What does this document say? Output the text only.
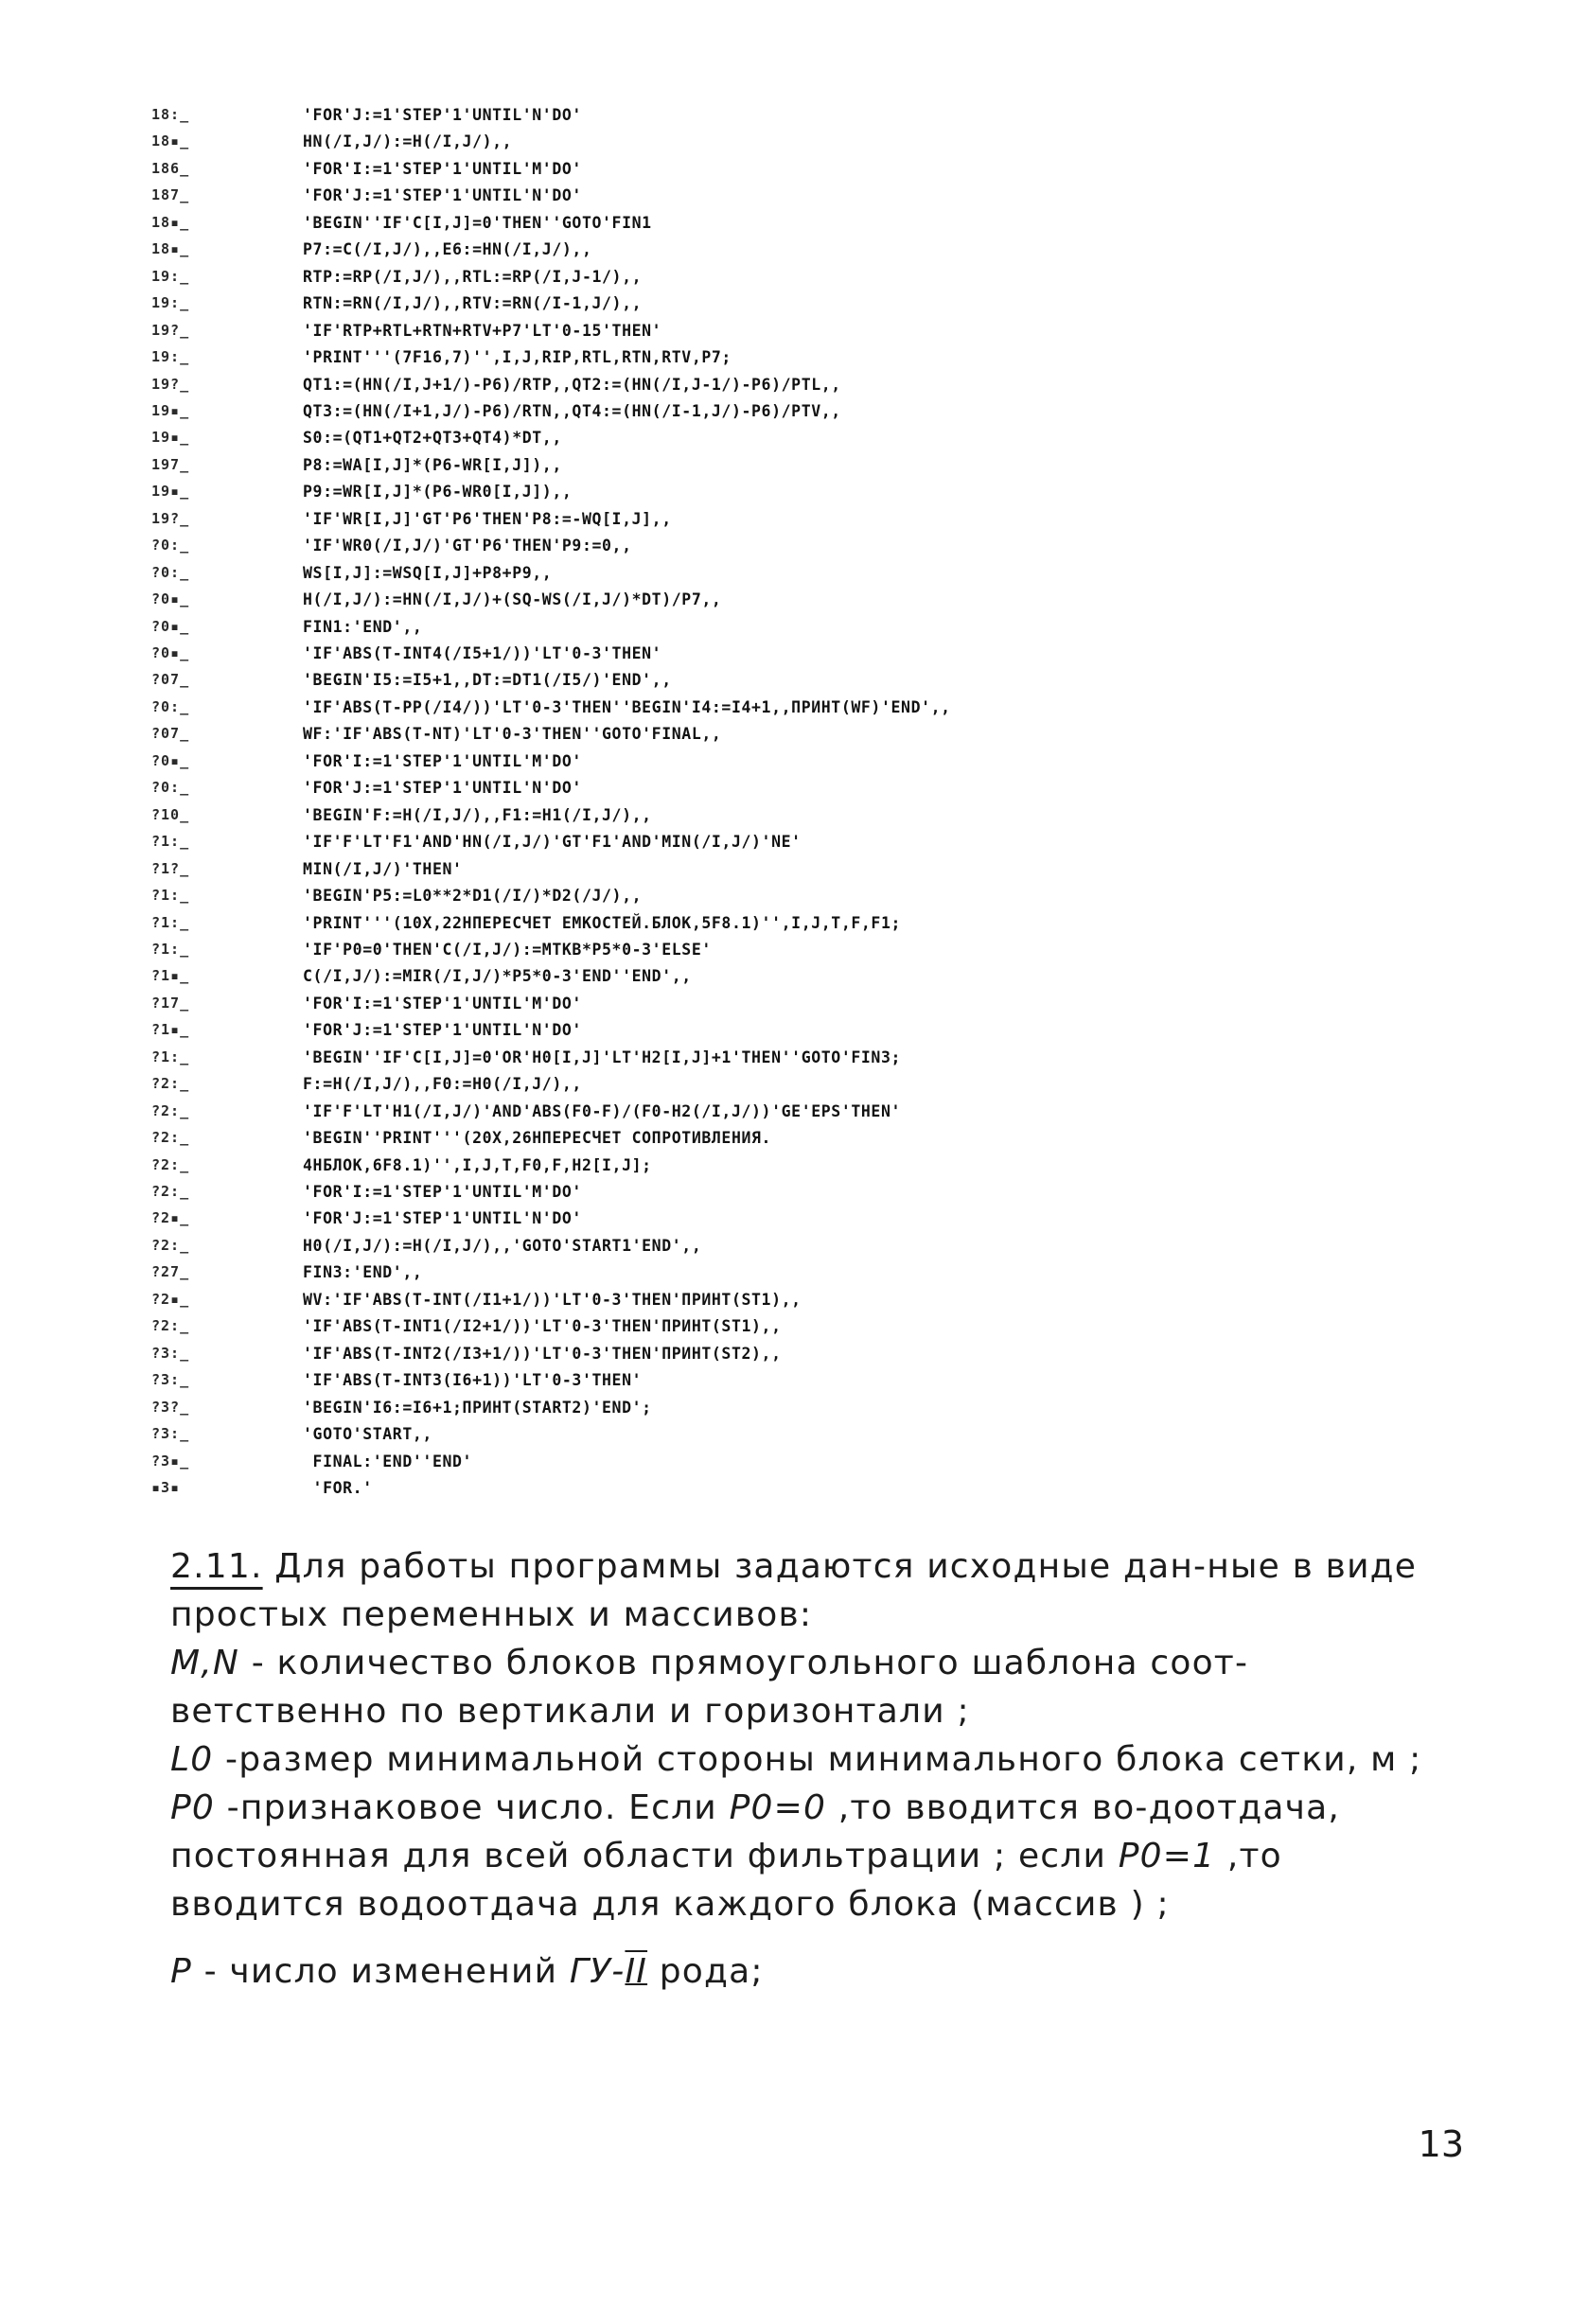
18:_	'FOR'J:=1'STEP'1'UNTIL'N'DO'
18▪_	HN(/I,J/):=H(/I,J/),,
186_	'FOR'I:=1'STEP'1'UNTIL'M'DO'
187_	'FOR'J:=1'STEP'1'UNTIL'N'DO'
18▪_	'BEGIN''IF'C[I,J]=0'THEN''GOTO'FIN1
18▪_	P7:=C(/I,J/),,E6:=HN(/I,J/),,
19:_	RTP:=RP(/I,J/),,RTL:=RP(/I,J-1/),,
19:_	RTN:=RN(/I,J/),,RTV:=RN(/I-1,J/),,
19?_	'IF'RTP+RTL+RTN+RTV+P7'LT'0-15'THEN'
19:_	'PRINT'''(7F16,7)'',I,J,RIP,RTL,RTN,RTV,P7;
19?_	QT1:=(HN(/I,J+1/)-P6)/RTP,,QT2:=(HN(/I,J-1/)-P6)/PTL,,
19▪_	QT3:=(HN(/I+1,J/)-P6)/RTN,,QT4:=(HN(/I-1,J/)-P6)/PTV,,
19▪_	S0:=(QT1+QT2+QT3+QT4)*DT,,
197_	P8:=WA[I,J]*(P6-WR[I,J]),,
19▪_	P9:=WR[I,J]*(P6-WR0[I,J]),,
19?_	'IF'WR[I,J]'GT'P6'THEN'P8:=-WQ[I,J],,
?0:_	'IF'WR0(/I,J/)'GT'P6'THEN'P9:=0,,
?0:_	WS[I,J]:=WSQ[I,J]+P8+P9,,
?0▪_	H(/I,J/):=HN(/I,J/)+(SQ-WS(/I,J/)*DT)/P7,,
?0▪_	FIN1:'END',,
?0▪_	'IF'ABS(T-INT4(/I5+1/))'LT'0-3'THEN'
?07_	'BEGIN'I5:=I5+1,,DT:=DT1(/I5/)'END',,
?0:_	'IF'ABS(T-PP(/I4/))'LT'0-3'THEN''BEGIN'I4:=I4+1,,ПРИНТ(WF)'END',,
?07_	WF:'IF'ABS(T-NT)'LT'0-3'THEN''GOTO'FINAL,,
?0▪_	'FOR'I:=1'STEP'1'UNTIL'M'DO'
?0:_	'FOR'J:=1'STEP'1'UNTIL'N'DO'
?10_	'BEGIN'F:=H(/I,J/),,F1:=H1(/I,J/),,
?1:_	'IF'F'LT'F1'AND'HN(/I,J/)'GT'F1'AND'MIN(/I,J/)'NE'
?1?_	MIN(/I,J/)'THEN'
?1:_	'BEGIN'P5:=L0**2*D1(/I/)*D2(/J/),,
?1:_	'PRINT'''(10X,22HПЕРЕСЧЕТ ЕМКОСТЕЙ.БЛОК,5F8.1)'',I,J,T,F,F1;
?1:_	'IF'P0=0'THEN'C(/I,J/):=MTKB*P5*0-3'ELSE'
?1▪_	C(/I,J/):=MIR(/I,J/)*P5*0-3'END''END',,
?17_	'FOR'I:=1'STEP'1'UNTIL'M'DO'
?1▪_	'FOR'J:=1'STEP'1'UNTIL'N'DO'
?1:_	'BEGIN''IF'C[I,J]=0'OR'H0[I,J]'LT'H2[I,J]+1'THEN''GOTO'FIN3;
?2:_	F:=H(/I,J/),,F0:=H0(/I,J/),,
?2:_	'IF'F'LT'H1(/I,J/)'AND'ABS(F0-F)/(F0-H2(/I,J/))'GE'EPS'THEN'
?2:_	'BEGIN''PRINT'''(20X,26HПЕРЕСЧЕТ СОПРОТИВЛЕНИЯ.
?2:_	4HБЛОК,6F8.1)'',I,J,T,F0,F,H2[I,J];
?2:_	'FOR'I:=1'STEP'1'UNTIL'M'DO'
?2▪_	'FOR'J:=1'STEP'1'UNTIL'N'DO'
?2:_	H0(/I,J/):=H(/I,J/),,'GOTO'START1'END',,
?27_	FIN3:'END',,
?2▪_	WV:'IF'ABS(T-INT(/I1+1/))'LT'0-3'THEN'ПРИНТ(ST1),,
?2:_	'IF'ABS(T-INT1(/I2+1/))'LT'0-3'THEN'ПРИНТ(ST1),,
?3:_	'IF'ABS(T-INT2(/I3+1/))'LT'0-3'THEN'ПРИНТ(ST2),,
?3:_	'IF'ABS(T-INT3(I6+1))'LT'0-3'THEN'
?3?_	'BEGIN'I6:=I6+1;ПРИНТ(START2)'END';
?3:_	'GOTO'START,,
?3▪_	FINAL:'END''END'
▪3▪	'FOR.'

2.11. Для работы программы задаются исходные дан-ные в виде простых переменных и массивов:

M,N - количество блоков прямоугольного шаблона соот-ветственно по вертикали и горизонтали ;

L0 -размер минимальной стороны минимального блока сетки, м ;

P0 -признаковое число. Если P0=0 ,то вводится во-доотдача, постоянная для всей области фильтрации ; если P0=1 ,то вводится водоотдача для каждого блока (массив ) ;

P - число изменений ГУ-II рода;

13
